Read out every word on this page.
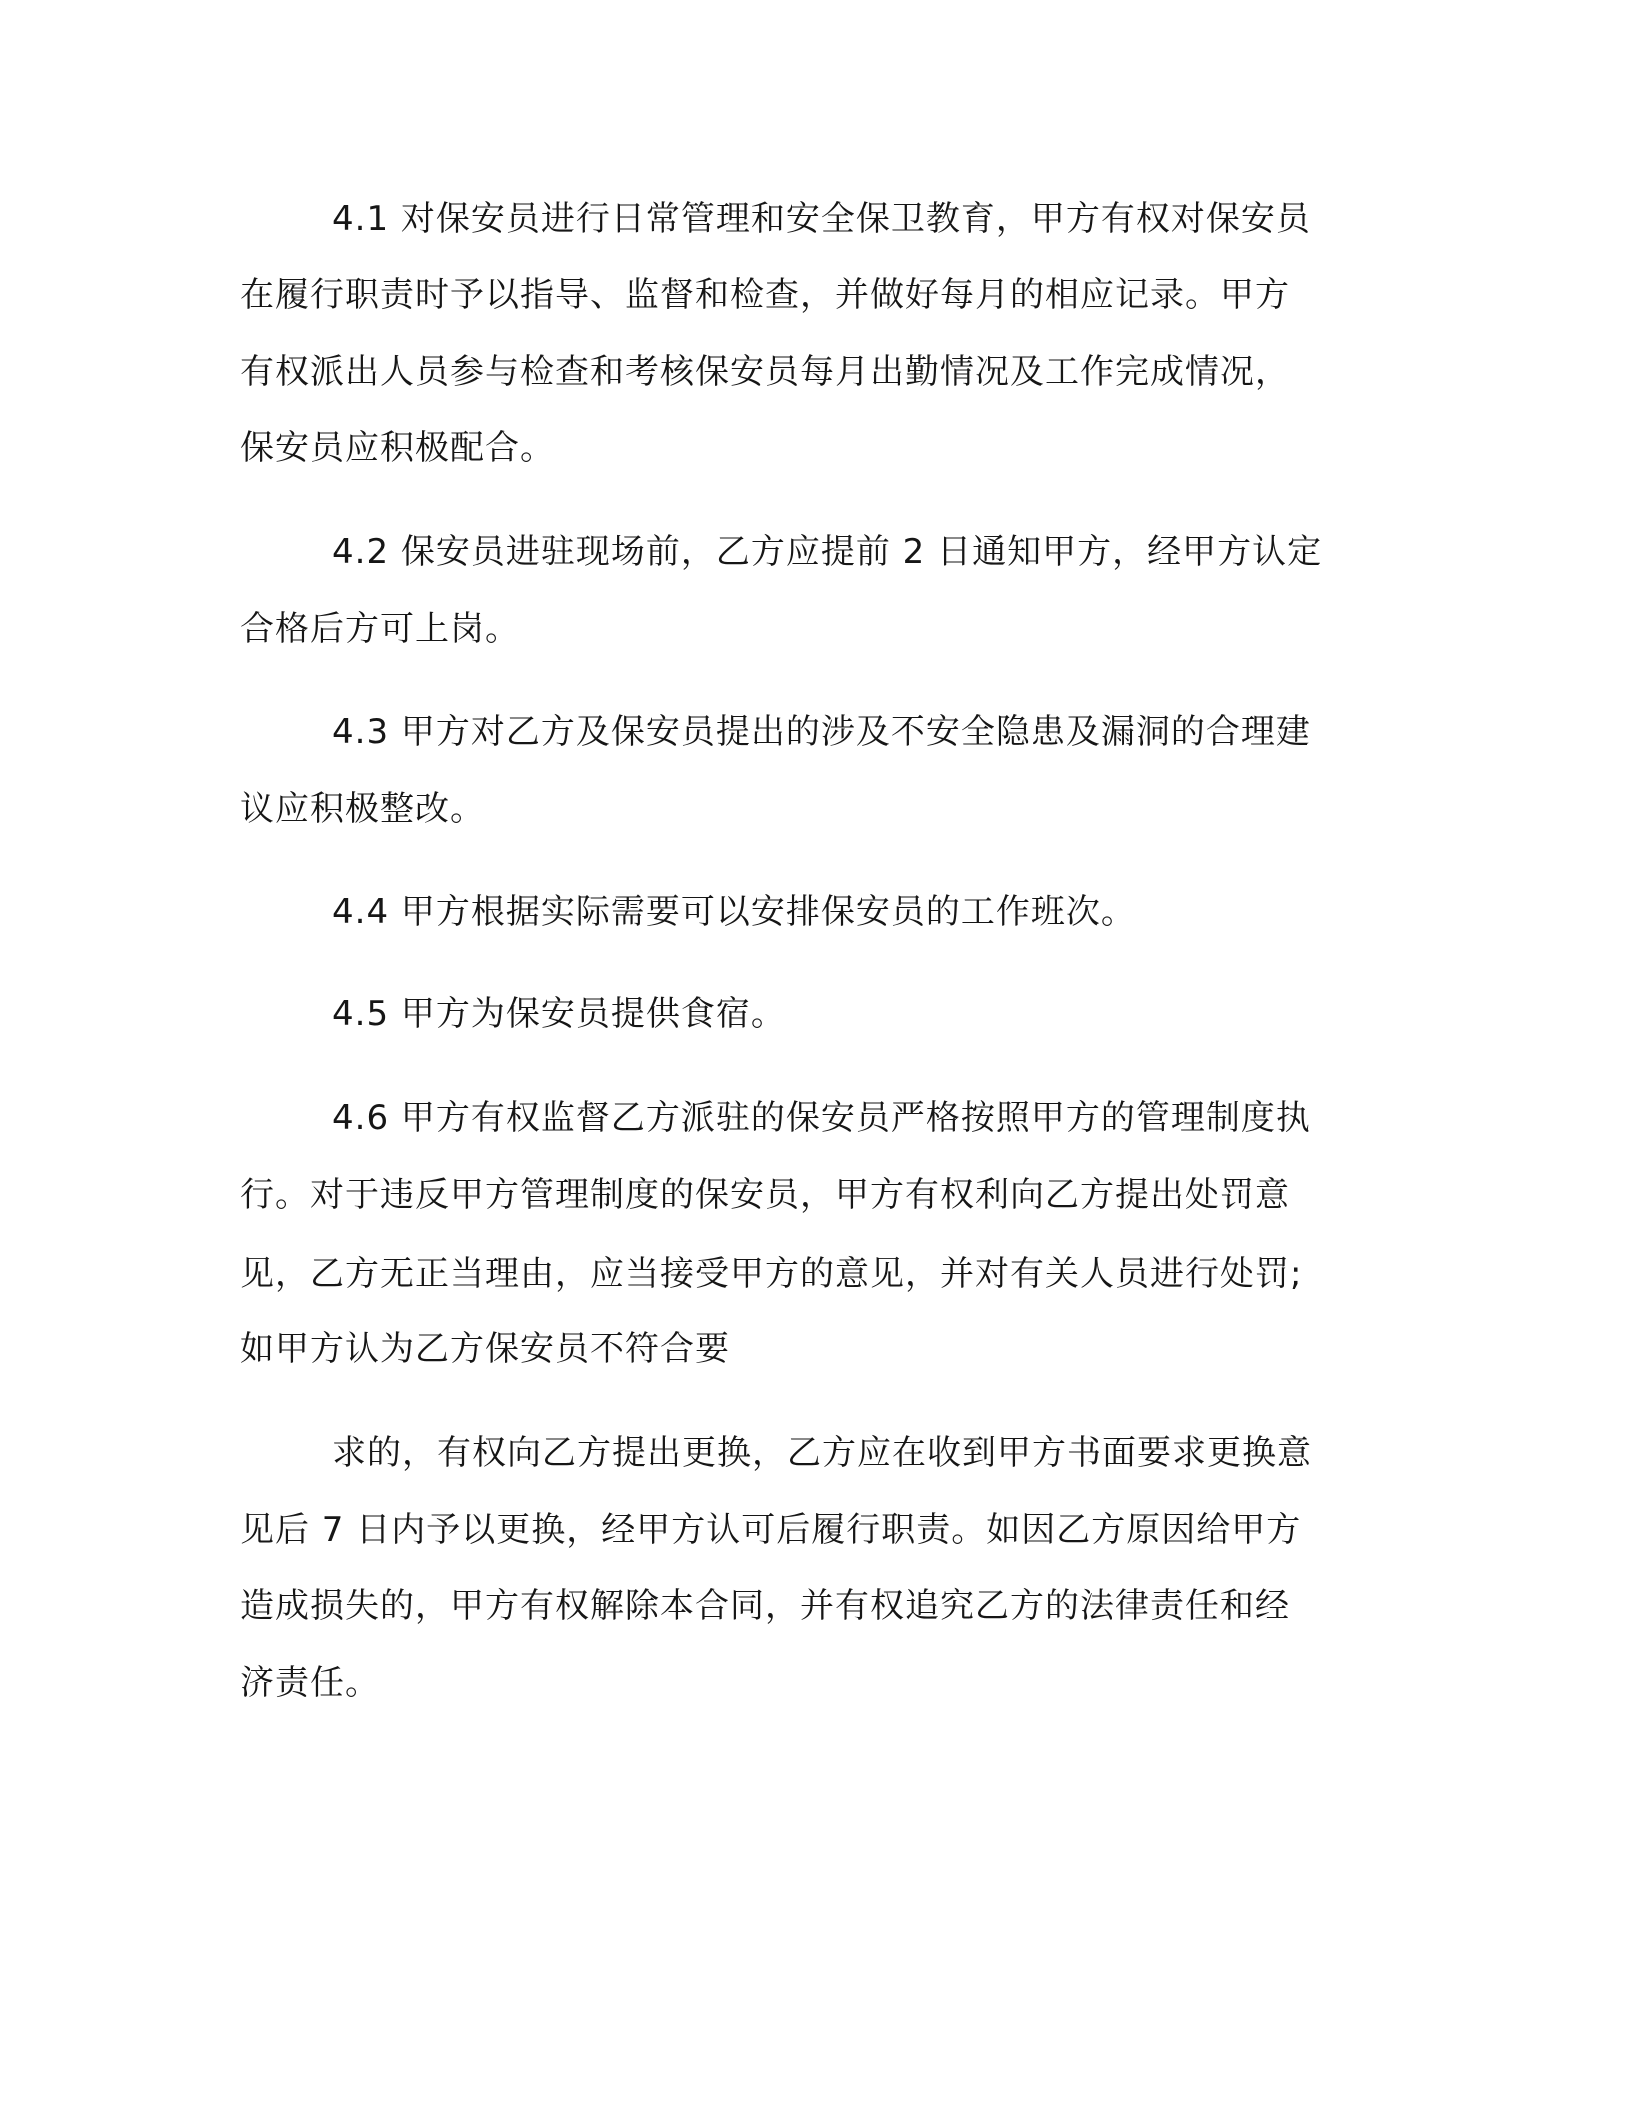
4.1 对保安员进行日常管理和安全保卫教育，甲方有权对保安员

在履行职责时予以指导、监督和检查，并做好每月的相应记录。甲方

有权派出人员参与检查和考核保安员每月出勤情况及工作完成情况，

保安员应积极配合。

4.2 保安员进驻现场前，乙方应提前 2 日通知甲方，经甲方认定

合格后方可上岗。

4.3 甲方对乙方及保安员提出的涉及不安全隐患及漏洞的合理建

议应积极整改。

4.4 甲方根据实际需要可以安排保安员的工作班次。

4.5 甲方为保安员提供食宿。

4.6 甲方有权监督乙方派驻的保安员严格按照甲方的管理制度执

行。对于违反甲方管理制度的保安员，甲方有权利向乙方提出处罚意

见，乙方无正当理由，应当接受甲方的意见，并对有关人员进行处罚;

如甲方认为乙方保安员不符合要

求的，有权向乙方提出更换，乙方应在收到甲方书面要求更换意

见后 7 日内予以更换，经甲方认可后履行职责。如因乙方原因给甲方

造成损失的，甲方有权解除本合同，并有权追究乙方的法律责任和经

济责任。
